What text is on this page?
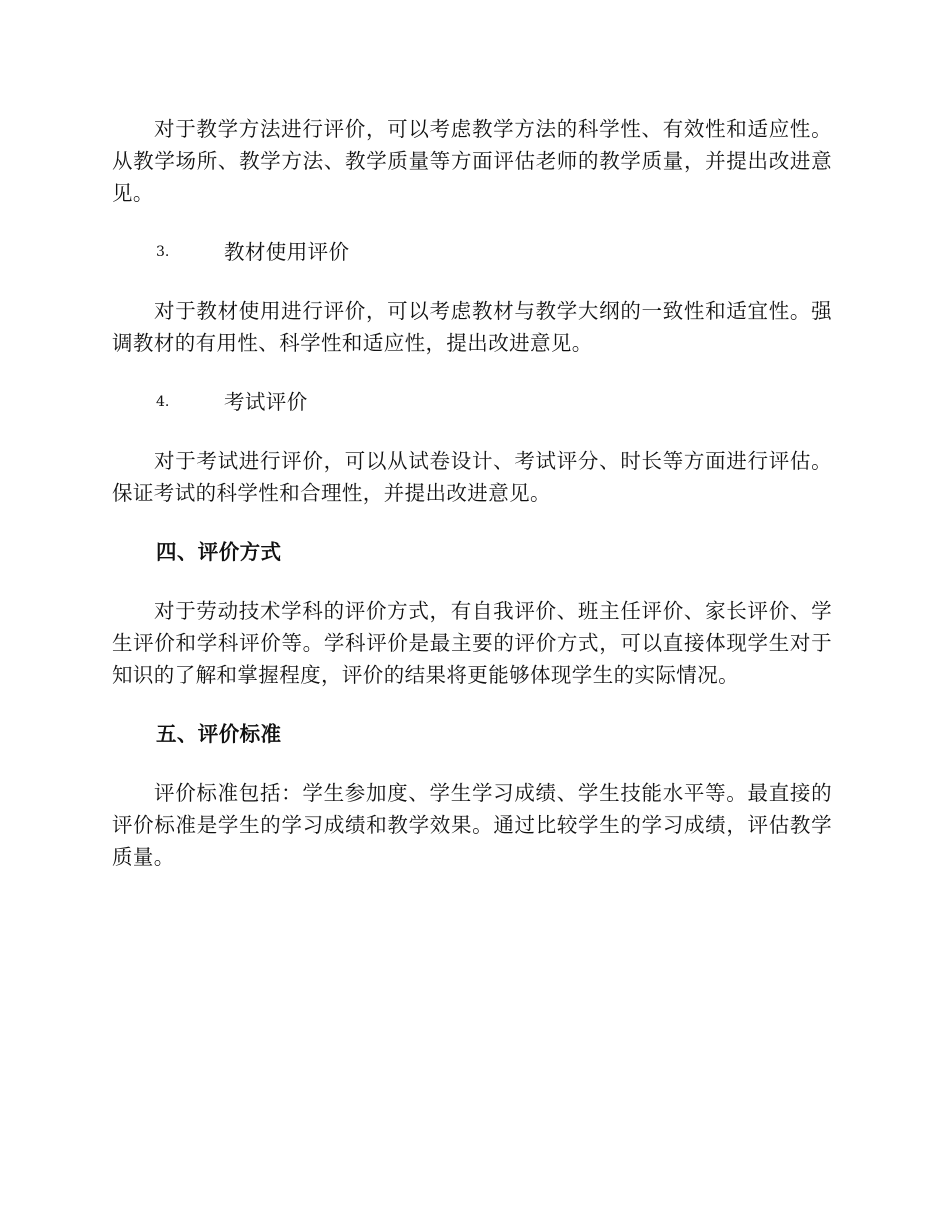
对于教学方法进行评价，可以考虑教学方法的科学性、有效性和适应性。从教学场所、教学方法、教学质量等方面评估老师的教学质量，并提出改进意见。

3.	教材使用评价

对于教材使用进行评价，可以考虑教材与教学大纲的一致性和适宜性。强调教材的有用性、科学性和适应性，提出改进意见。

4.	考试评价

对于考试进行评价，可以从试卷设计、考试评分、时长等方面进行评估。保证考试的科学性和合理性，并提出改进意见。

四、评价方式

对于劳动技术学科的评价方式，有自我评价、班主任评价、家长评价、学生评价和学科评价等。学科评价是最主要的评价方式，可以直接体现学生对于知识的了解和掌握程度，评价的结果将更能够体现学生的实际情况。

五、评价标准

评价标准包括：学生参加度、学生学习成绩、学生技能水平等。最直接的评价标准是学生的学习成绩和教学效果。通过比较学生的学习成绩，评估教学质量。
